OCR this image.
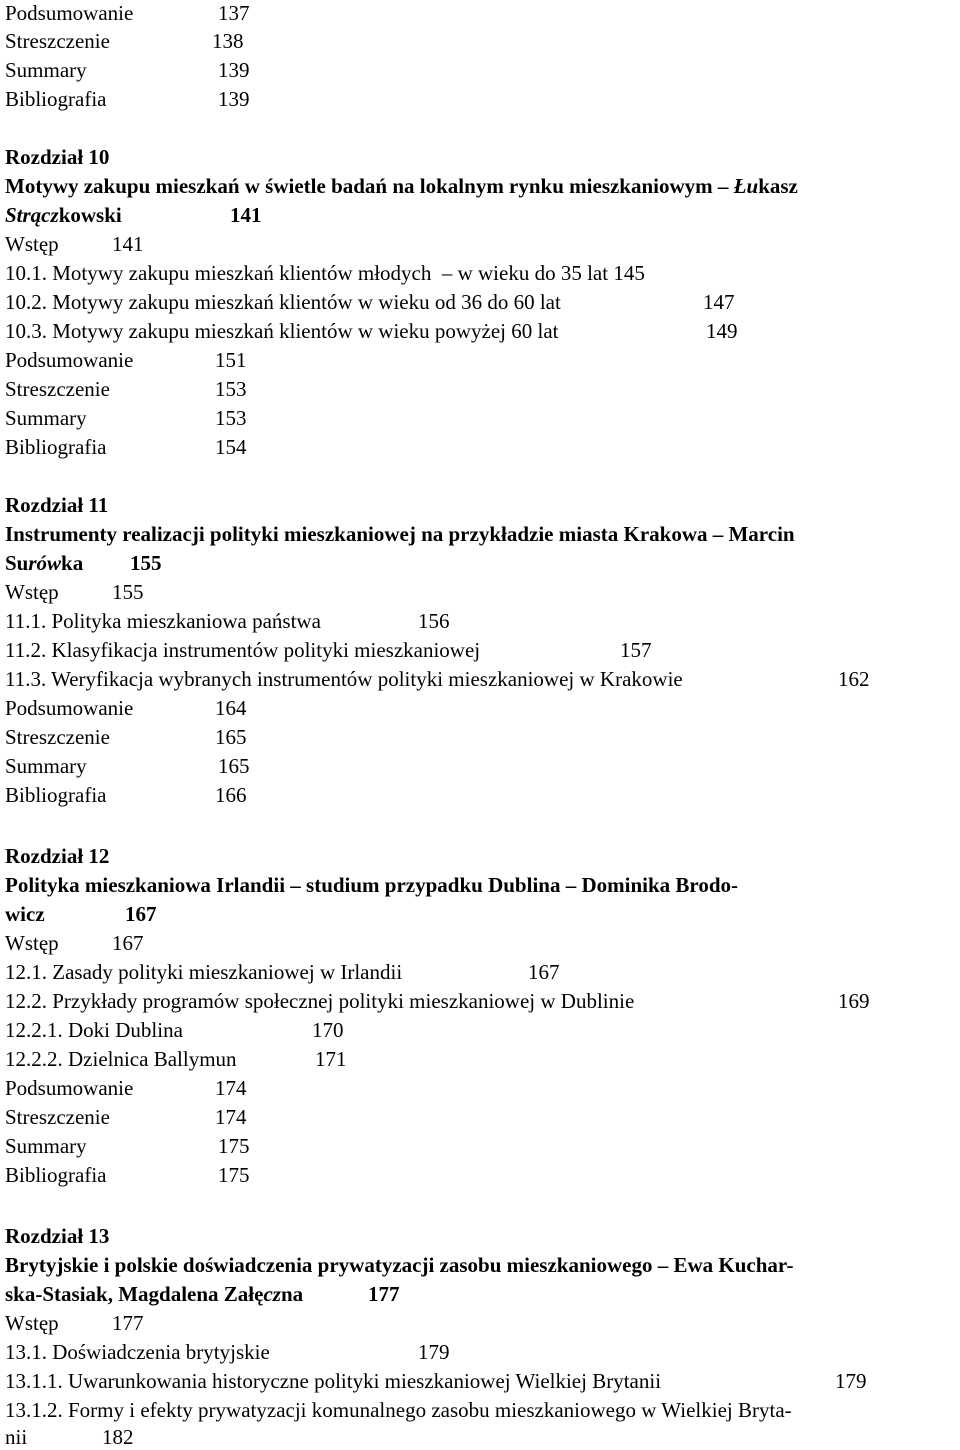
Podsumowanie	137
Streszczenie	138
Summary	139
Bibliografia	139
Rozdział 10
Motywy zakupu mieszkań w świetle badań na lokalnym rynku mieszkaniowym – Łukasz
Strączkowski	141
Wstęp	141
10.1. Motywy zakupu mieszkań klientów młodych  – w wieku do 35 lat 145
10.2. Motywy zakupu mieszkań klientów w wieku od 36 do 60 lat	147
10.3. Motywy zakupu mieszkań klientów w wieku powyżej 60 lat	149
Podsumowanie	151
Streszczenie	153
Summary	153
Bibliografia	154
Rozdział 11
Instrumenty realizacji polityki mieszkaniowej na przykładzie miasta Krakowa – Marcin
Surówka 155
Wstęp	155
11.1. Polityka mieszkaniowa państwa	156
11.2. Klasyfikacja instrumentów polityki mieszkaniowej	157
11.3. Weryfikacja wybranych instrumentów polityki mieszkaniowej w Krakowie	162
Podsumowanie	164
Streszczenie	165
Summary	165
Bibliografia	166
Rozdział 12
Polityka mieszkaniowa Irlandii – studium przypadku Dublina – Dominika Brodo-
wicz	167
Wstęp	167
12.1. Zasady polityki mieszkaniowej w Irlandii	167
12.2. Przykłady programów społecznej polityki mieszkaniowej w Dublinie	169
12.2.1. Doki Dublina	170
12.2.2. Dzielnica Ballymun	171
Podsumowanie	174
Streszczenie	174
Summary	175
Bibliografia	175
Rozdział 13
Brytyjskie i polskie doświadczenia prywatyzacji zasobu mieszkaniowego – Ewa Kuchar-
ska-Stasiak, Magdalena Załęczna	177
Wstęp	177
13.1. Doświadczenia brytyjskie	179
13.1.1. Uwarunkowania historyczne polityki mieszkaniowej Wielkiej Brytanii	179
13.1.2. Formy i efekty prywatyzacji komunalnego zasobu mieszkaniowego w Wielkiej Bryta-
nii	182
